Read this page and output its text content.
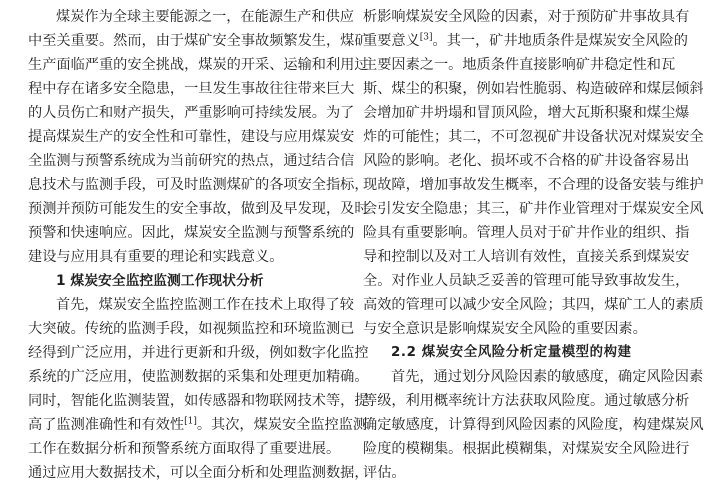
煤炭作为全球主要能源之一，在能源生产和供应
中至关重要。然而，由于煤矿安全事故频繁发生，煤矿
生产面临严重的安全挑战，煤炭的开采、运输和利用过
程中存在诸多安全隐患，一旦发生事故往往带来巨大
的人员伤亡和财产损失，严重影响可持续发展。为了
提高煤炭生产的安全性和可靠性，建设与应用煤炭安
全监测与预警系统成为当前研究的热点，通过结合信
息技术与监测手段，可及时监测煤矿的各项安全指标，
预测并预防可能发生的安全事故，做到及早发现，及时
预警和快速响应。因此，煤炭安全监测与预警系统的
建设与应用具有重要的理论和实践意义。
1 煤炭安全监控监测工作现状分析
首先，煤炭安全监控监测工作在技术上取得了较
大突破。传统的监测手段，如视频监控和环境监测已
经得到广泛应用，并进行更新和升级，例如数字化监控
系统的广泛应用，使监测数据的采集和处理更加精确。
同时，智能化监测装置，如传感器和物联网技术等，提
高了监测准确性和有效性[1]。其次，煤炭安全监控监测
工作在数据分析和预警系统方面取得了重要进展。
通过应用大数据技术，可以全面分析和处理监测数据，
析影响煤炭安全风险的因素，对于预防矿井事故具有
重要意义[3]。其一，矿井地质条件是煤炭安全风险的
主要因素之一。地质条件直接影响矿井稳定性和瓦
斯、煤尘的积聚，例如岩性脆弱、构造破碎和煤层倾斜
会增加矿井坍塌和冒顶风险，增大瓦斯积聚和煤尘爆
炸的可能性；其二，不可忽视矿井设备状况对煤炭安全
风险的影响。老化、损坏或不合格的矿井设备容易出
现故障，增加事故发生概率，不合理的设备安装与维护
会引发安全隐患；其三，矿井作业管理对于煤炭安全风
险具有重要影响。管理人员对于矿井作业的组织、指
导和控制以及对工人培训有效性，直接关系到煤炭安
全。对作业人员缺乏妥善的管理可能导致事故发生，
高效的管理可以减少安全风险；其四，煤矿工人的素质
与安全意识是影响煤炭安全风险的重要因素。
2.2 煤炭安全风险分析定量模型的构建
首先，通过划分风险因素的敏感度，确定风险因素
等级，利用概率统计方法获取风险度。通过敏感分析
确定敏感度，计算得到风险因素的风险度，构建煤炭风
险度的模糊集。根据此模糊集，对煤炭安全风险进行
评估。
